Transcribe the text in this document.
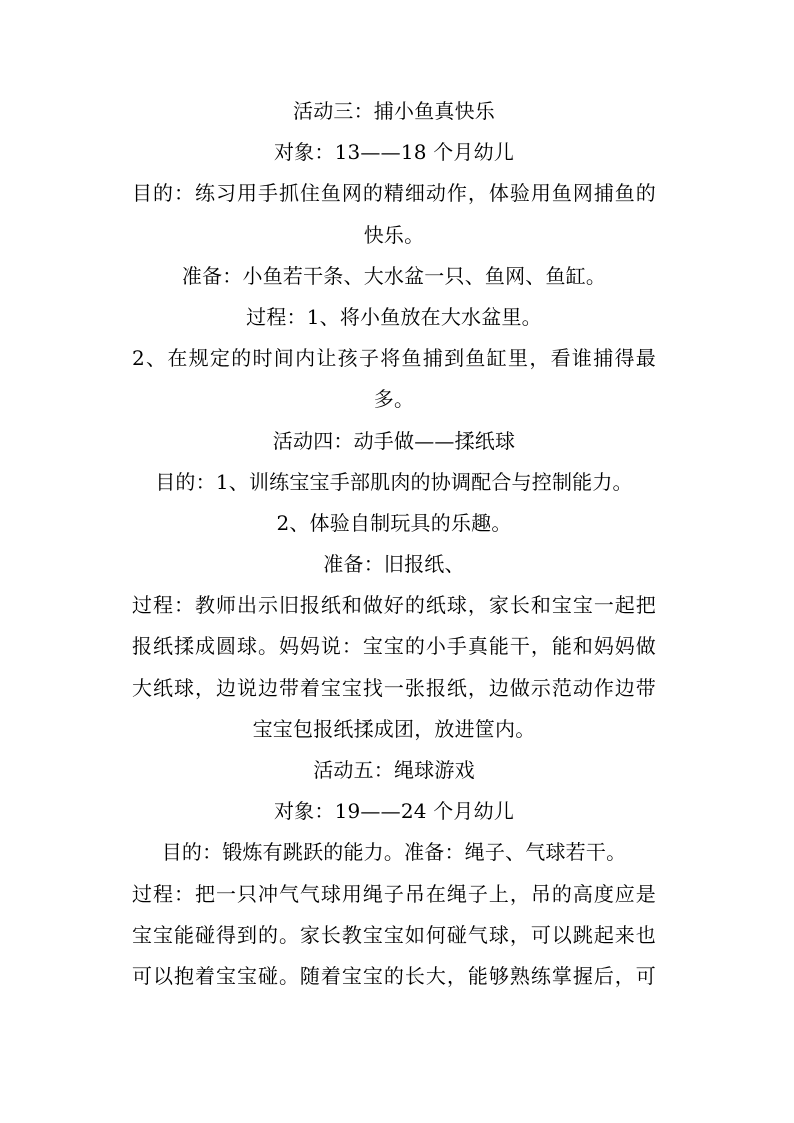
活动三：捕小鱼真快乐
对象：13——18 个月幼儿
目的：练习用手抓住鱼网的精细动作，体验用鱼网捕鱼的
快乐。
准备：小鱼若干条、大水盆一只、鱼网、鱼缸。
过程：1、将小鱼放在大水盆里。
2、在规定的时间内让孩子将鱼捕到鱼缸里，看谁捕得最
多。
活动四：动手做——揉纸球
目的：1、训练宝宝手部肌肉的协调配合与控制能力。
2、体验自制玩具的乐趣。
准备：旧报纸、
过程：教师出示旧报纸和做好的纸球，家长和宝宝一起把
报纸揉成圆球。妈妈说：宝宝的小手真能干，能和妈妈做
大纸球，边说边带着宝宝找一张报纸，边做示范动作边带
宝宝包报纸揉成团，放进筐内。
活动五：绳球游戏
对象：19——24 个月幼儿
目的：锻炼有跳跃的能力。准备：绳子、气球若干。
过程：把一只冲气气球用绳子吊在绳子上，吊的高度应是
宝宝能碰得到的。家长教宝宝如何碰气球，可以跳起来也
可以抱着宝宝碰。随着宝宝的长大，能够熟练掌握后，可
